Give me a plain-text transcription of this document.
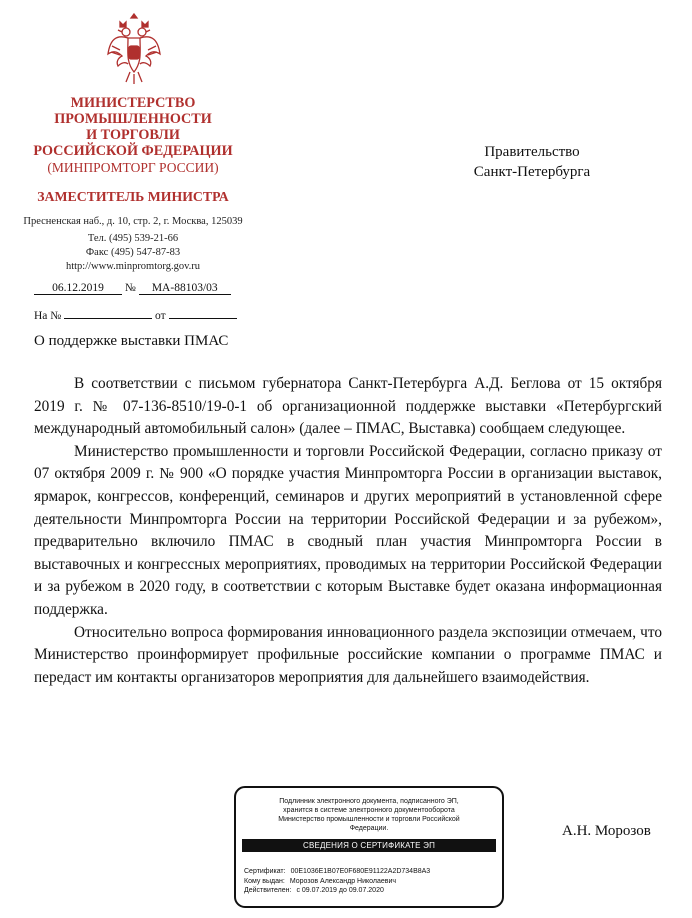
МИНИСТЕРСТВО
ПРОМЫШЛЕННОСТИ
И ТОРГОВЛИ
РОССИЙСКОЙ ФЕДЕРАЦИИ
(МИНПРОМТОРГ РОССИИ)
ЗАМЕСТИТЕЛЬ МИНИСТРА
Пресненская наб., д. 10, стр. 2, г. Москва, 125039
Тел. (495) 539-21-66
Факс (495) 547-87-83
http://www.minpromtorg.gov.ru
06.12.2019 № МА-88103/03
На №	от
Правительство
Санкт-Петербурга
О поддержке выставки ПМАС

В соответствии с письмом губернатора Санкт-Петербурга А.Д. Беглова от 15 октября 2019 г. № 07-136-8510/19-0-1 об организационной поддержке выставки «Петербургский международный автомобильный салон» (далее – ПМАС, Выставка) сообщаем следующее.

Министерство промышленности и торговли Российской Федерации, согласно приказу от 07 октября 2009 г. № 900 «О порядке участия Минпромторга России в организации выставок, ярмарок, конгрессов, конференций, семинаров и других мероприятий в установленной сфере деятельности Минпромторга России на территории Российской Федерации и за рубежом», предварительно включило ПМАС в сводный план участия Минпромторга России в выставочных и конгрессных мероприятиях, проводимых на территории Российской Федерации и за рубежом в 2020 году, в соответствии с которым Выставке будет оказана информационная поддержка.

Относительно вопроса формирования инновационного раздела экспозиции отмечаем, что Министерство проинформирует профильные российские компании о программе ПМАС и передаст им контакты организаторов мероприятия для дальнейшего взаимодействия.

Подлинник электронного документа, подписанного ЭП,
хранится в системе электронного документооборота
Министерство промышленности и торговли Российской
Федерации.
СВЕДЕНИЯ О СЕРТИФИКАТЕ ЭП
Сертификат: 00E1036E1B07E0F680E91122A2D734B8A3
Кому выдан: Морозов Александр Николаевич
Действителен: с 09.07.2019 до 09.07.2020
А.Н. Морозов
